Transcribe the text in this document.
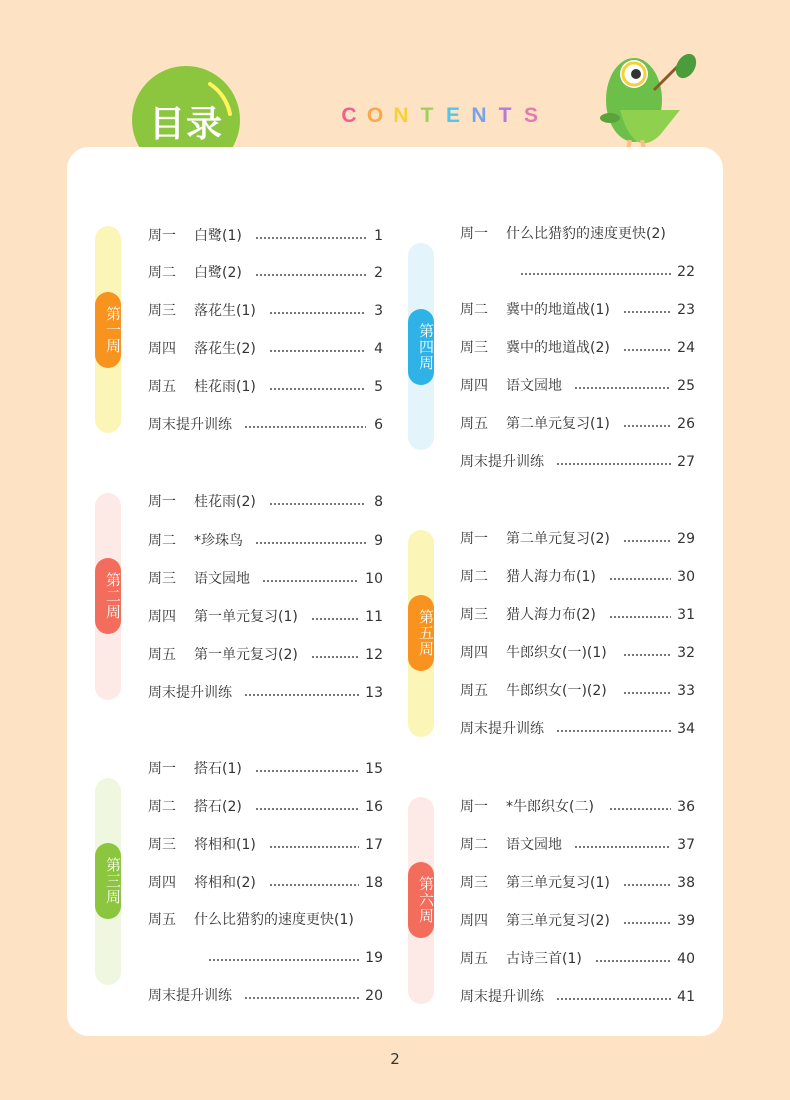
目录	C O N T E N T S
第一周
周一 白鹭(1)	1
周二 白鹭(2)	2
周三 落花生(1)	3
周四 落花生(2)	4
周五 桂花雨(1)	5
周末提升训练	6
第二周
周一 桂花雨(2)	8
周二 *珍珠鸟	9
周三 语文园地	10
周四 第一单元复习(1)	11
周五 第一单元复习(2)	12
周末提升训练	13
第三周
周一 搭石(1)	15
周二 搭石(2)	16
周三 将相和(1)	17
周四 将相和(2)	18
周五 什么比猎豹的速度更快(1)
19
周末提升训练	20
第四周
周一 什么比猎豹的速度更快(2)
22
周二 冀中的地道战(1)	23
周三 冀中的地道战(2)	24
周四 语文园地	25
周五 第二单元复习(1)	26
周末提升训练	27
第五周
周一 第二单元复习(2)	29
周二 猎人海力布(1)	30
周三 猎人海力布(2)	31
周四 牛郎织女(一)(1)	32
周五 牛郎织女(一)(2)	33
周末提升训练	34
第六周
周一 *牛郎织女(二)	36
周二 语文园地	37
周三 第三单元复习(1)	38
周四 第三单元复习(2)	39
周五 古诗三首(1)	40
周末提升训练	41
2
